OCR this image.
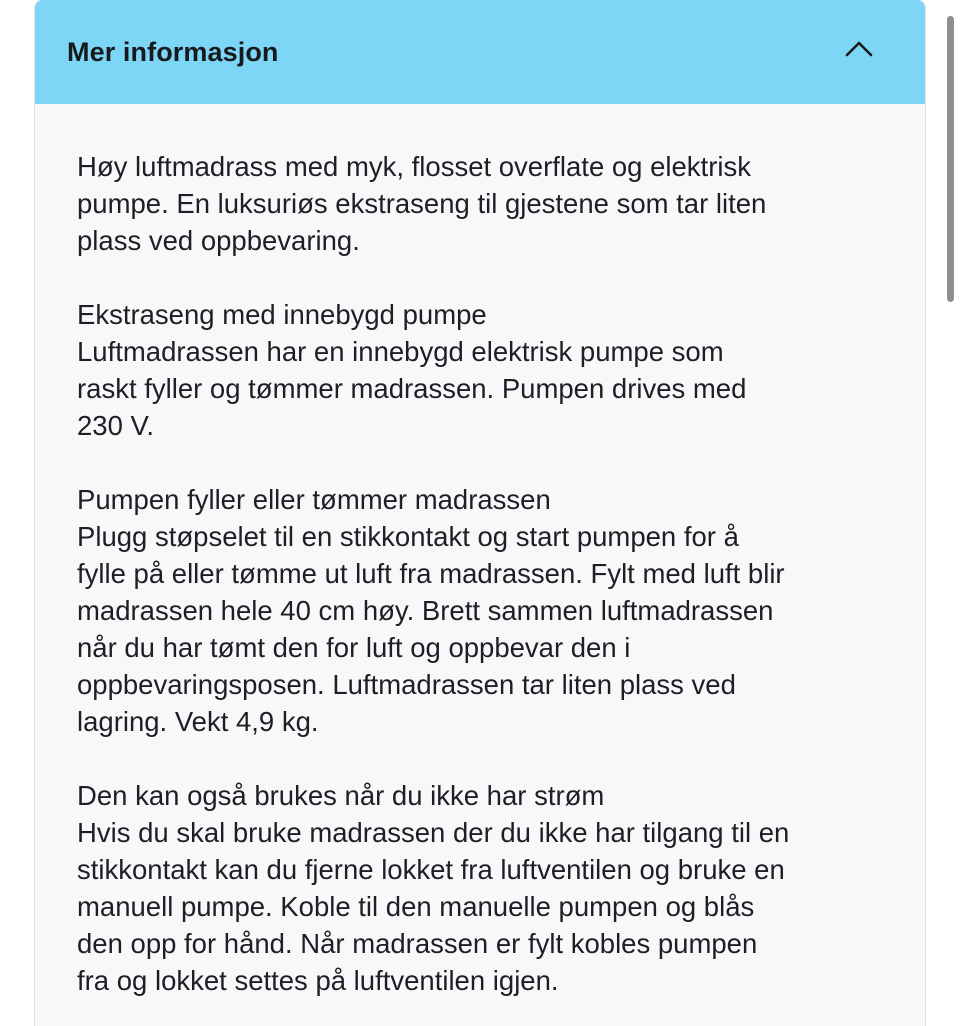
Mer informasjon

Høy luftmadrass med myk, flosset overflate og elektrisk
pumpe. En luksuriøs ekstraseng til gjestene som tar liten
plass ved oppbevaring.

Ekstraseng med innebygd pumpe
Luftmadrassen har en innebygd elektrisk pumpe som
raskt fyller og tømmer madrassen. Pumpen drives med
230 V.

Pumpen fyller eller tømmer madrassen
Plugg støpselet til en stikkontakt og start pumpen for å
fylle på eller tømme ut luft fra madrassen. Fylt med luft blir
madrassen hele 40 cm høy. Brett sammen luftmadrassen
når du har tømt den for luft og oppbevar den i
oppbevaringsposen. Luftmadrassen tar liten plass ved
lagring. Vekt 4,9 kg.

Den kan også brukes når du ikke har strøm
Hvis du skal bruke madrassen der du ikke har tilgang til en
stikkontakt kan du fjerne lokket fra luftventilen og bruke en
manuell pumpe. Koble til den manuelle pumpen og blås
den opp for hånd. Når madrassen er fylt kobles pumpen
fra og lokket settes på luftventilen igjen.
